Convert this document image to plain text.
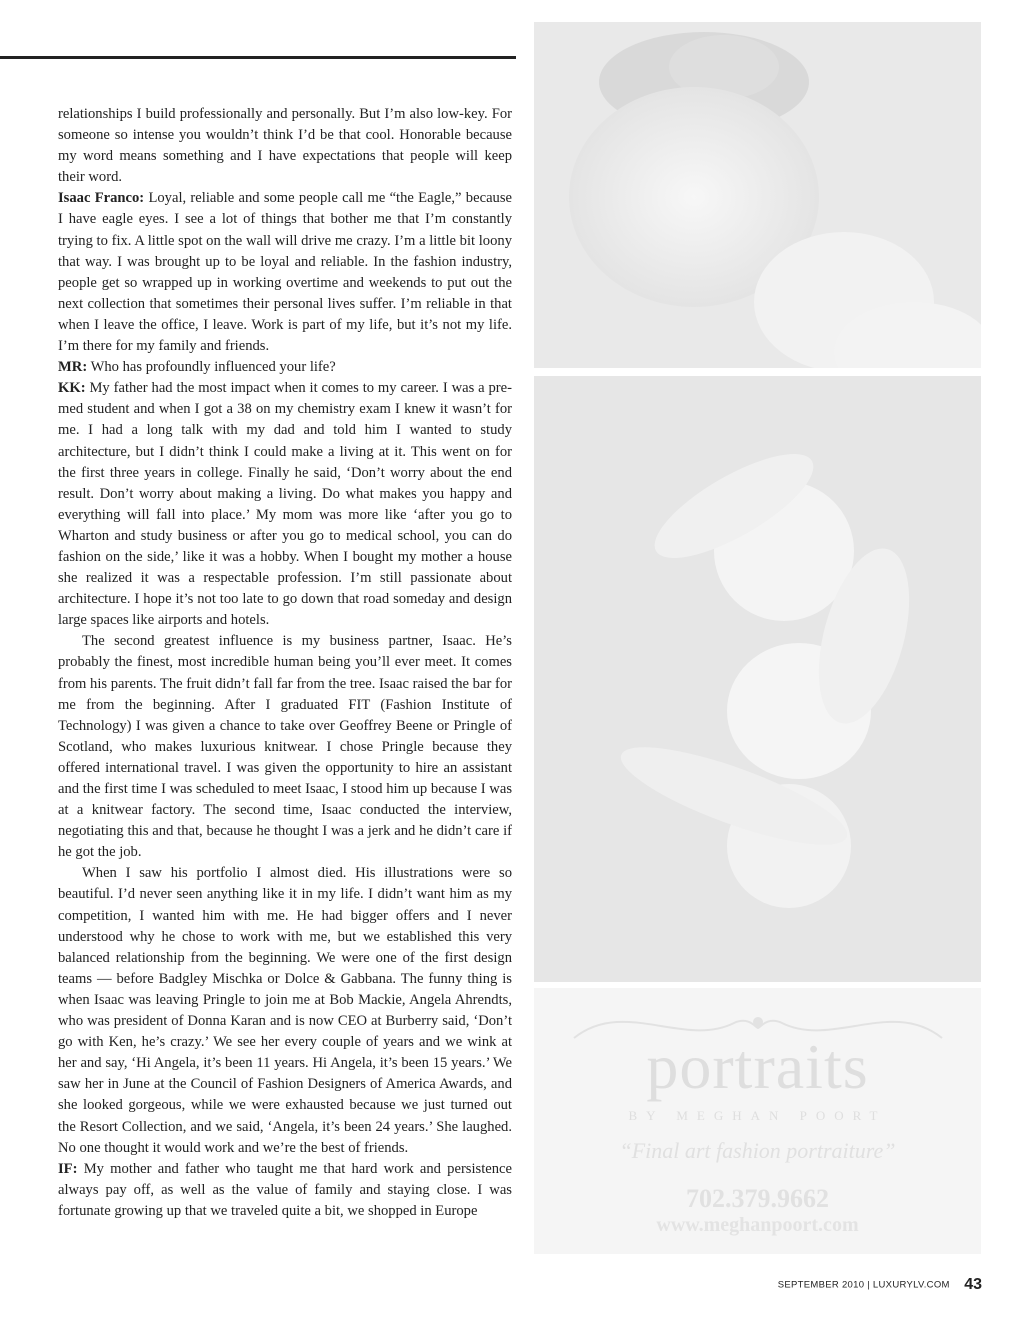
relationships I build professionally and personally. But I’m also low-key. For someone so intense you wouldn’t think I’d be that cool. Honorable because my word means something and I have expectations that people will keep their word.

Isaac Franco: Loyal, reliable and some people call me “the Eagle,” because I have eagle eyes. I see a lot of things that bother me that I’m constantly trying to fix. A little spot on the wall will drive me crazy. I’m a little bit loony that way. I was brought up to be loyal and reliable. In the fashion industry, people get so wrapped up in working overtime and weekends to put out the next collection that sometimes their personal lives suffer. I’m reliable in that when I leave the office, I leave. Work is part of my life, but it’s not my life. I’m there for my family and friends.

MR: Who has profoundly influenced your life?

KK: My father had the most impact when it comes to my career. I was a pre-med student and when I got a 38 on my chemistry exam I knew it wasn’t for me. I had a long talk with my dad and told him I wanted to study architecture, but I didn’t think I could make a living at it. This went on for the first three years in college. Finally he said, ‘Don’t worry about the end result. Don’t worry about making a living. Do what makes you happy and everything will fall into place.’ My mom was more like ‘after you go to Wharton and study business or after you go to medical school, you can do fashion on the side,’ like it was a hobby. When I bought my mother a house she realized it was a respectable profession. I’m still passionate about architecture. I hope it’s not too late to go down that road someday and design large spaces like airports and hotels.

The second greatest influence is my business partner, Isaac. He’s probably the finest, most incredible human being you’ll ever meet. It comes from his parents. The fruit didn’t fall far from the tree. Isaac raised the bar for me from the beginning. After I graduated FIT (Fashion Institute of Technology) I was given a chance to take over Geoffrey Beene or Pringle of Scotland, who makes luxurious knitwear. I chose Pringle because they offered international travel. I was given the opportunity to hire an assistant and the first time I was scheduled to meet Isaac, I stood him up because I was at a knitwear factory. The second time, Isaac conducted the interview, negotiating this and that, because he thought I was a jerk and he didn’t care if he got the job.

When I saw his portfolio I almost died. His illustrations were so beautiful. I’d never seen anything like it in my life. I didn’t want him as my competition, I wanted him with me. He had bigger offers and I never understood why he chose to work with me, but we established this very balanced relationship from the beginning. We were one of the first design teams — before Badgley Mischka or Dolce & Gabbana. The funny thing is when Isaac was leaving Pringle to join me at Bob Mackie, Angela Ahrendts, who was president of Donna Karan and is now CEO at Burberry said, ‘Don’t go with Ken, he’s crazy.’ We see her every couple of years and we wink at her and say, ‘Hi Angela, it’s been 11 years. Hi Angela, it’s been 15 years.’ We saw her in June at the Council of Fashion Designers of America Awards, and she looked gorgeous, while we were exhausted because we just turned out the Resort Collection, and we said, ‘Angela, it’s been 24 years.’ She laughed. No one thought it would work and we’re the best of friends.

IF: My mother and father who taught me that hard work and persistence always pay off, as well as the value of family and staying close. I was fortunate growing up that we traveled quite a bit, we shopped in Europe

portraits
BY MEGHAN POORT
“Final art fashion portraiture”
702.379.9662
www.meghanpoort.com
SEPTEMBER 2010 | LUXURYLV.COM 43
